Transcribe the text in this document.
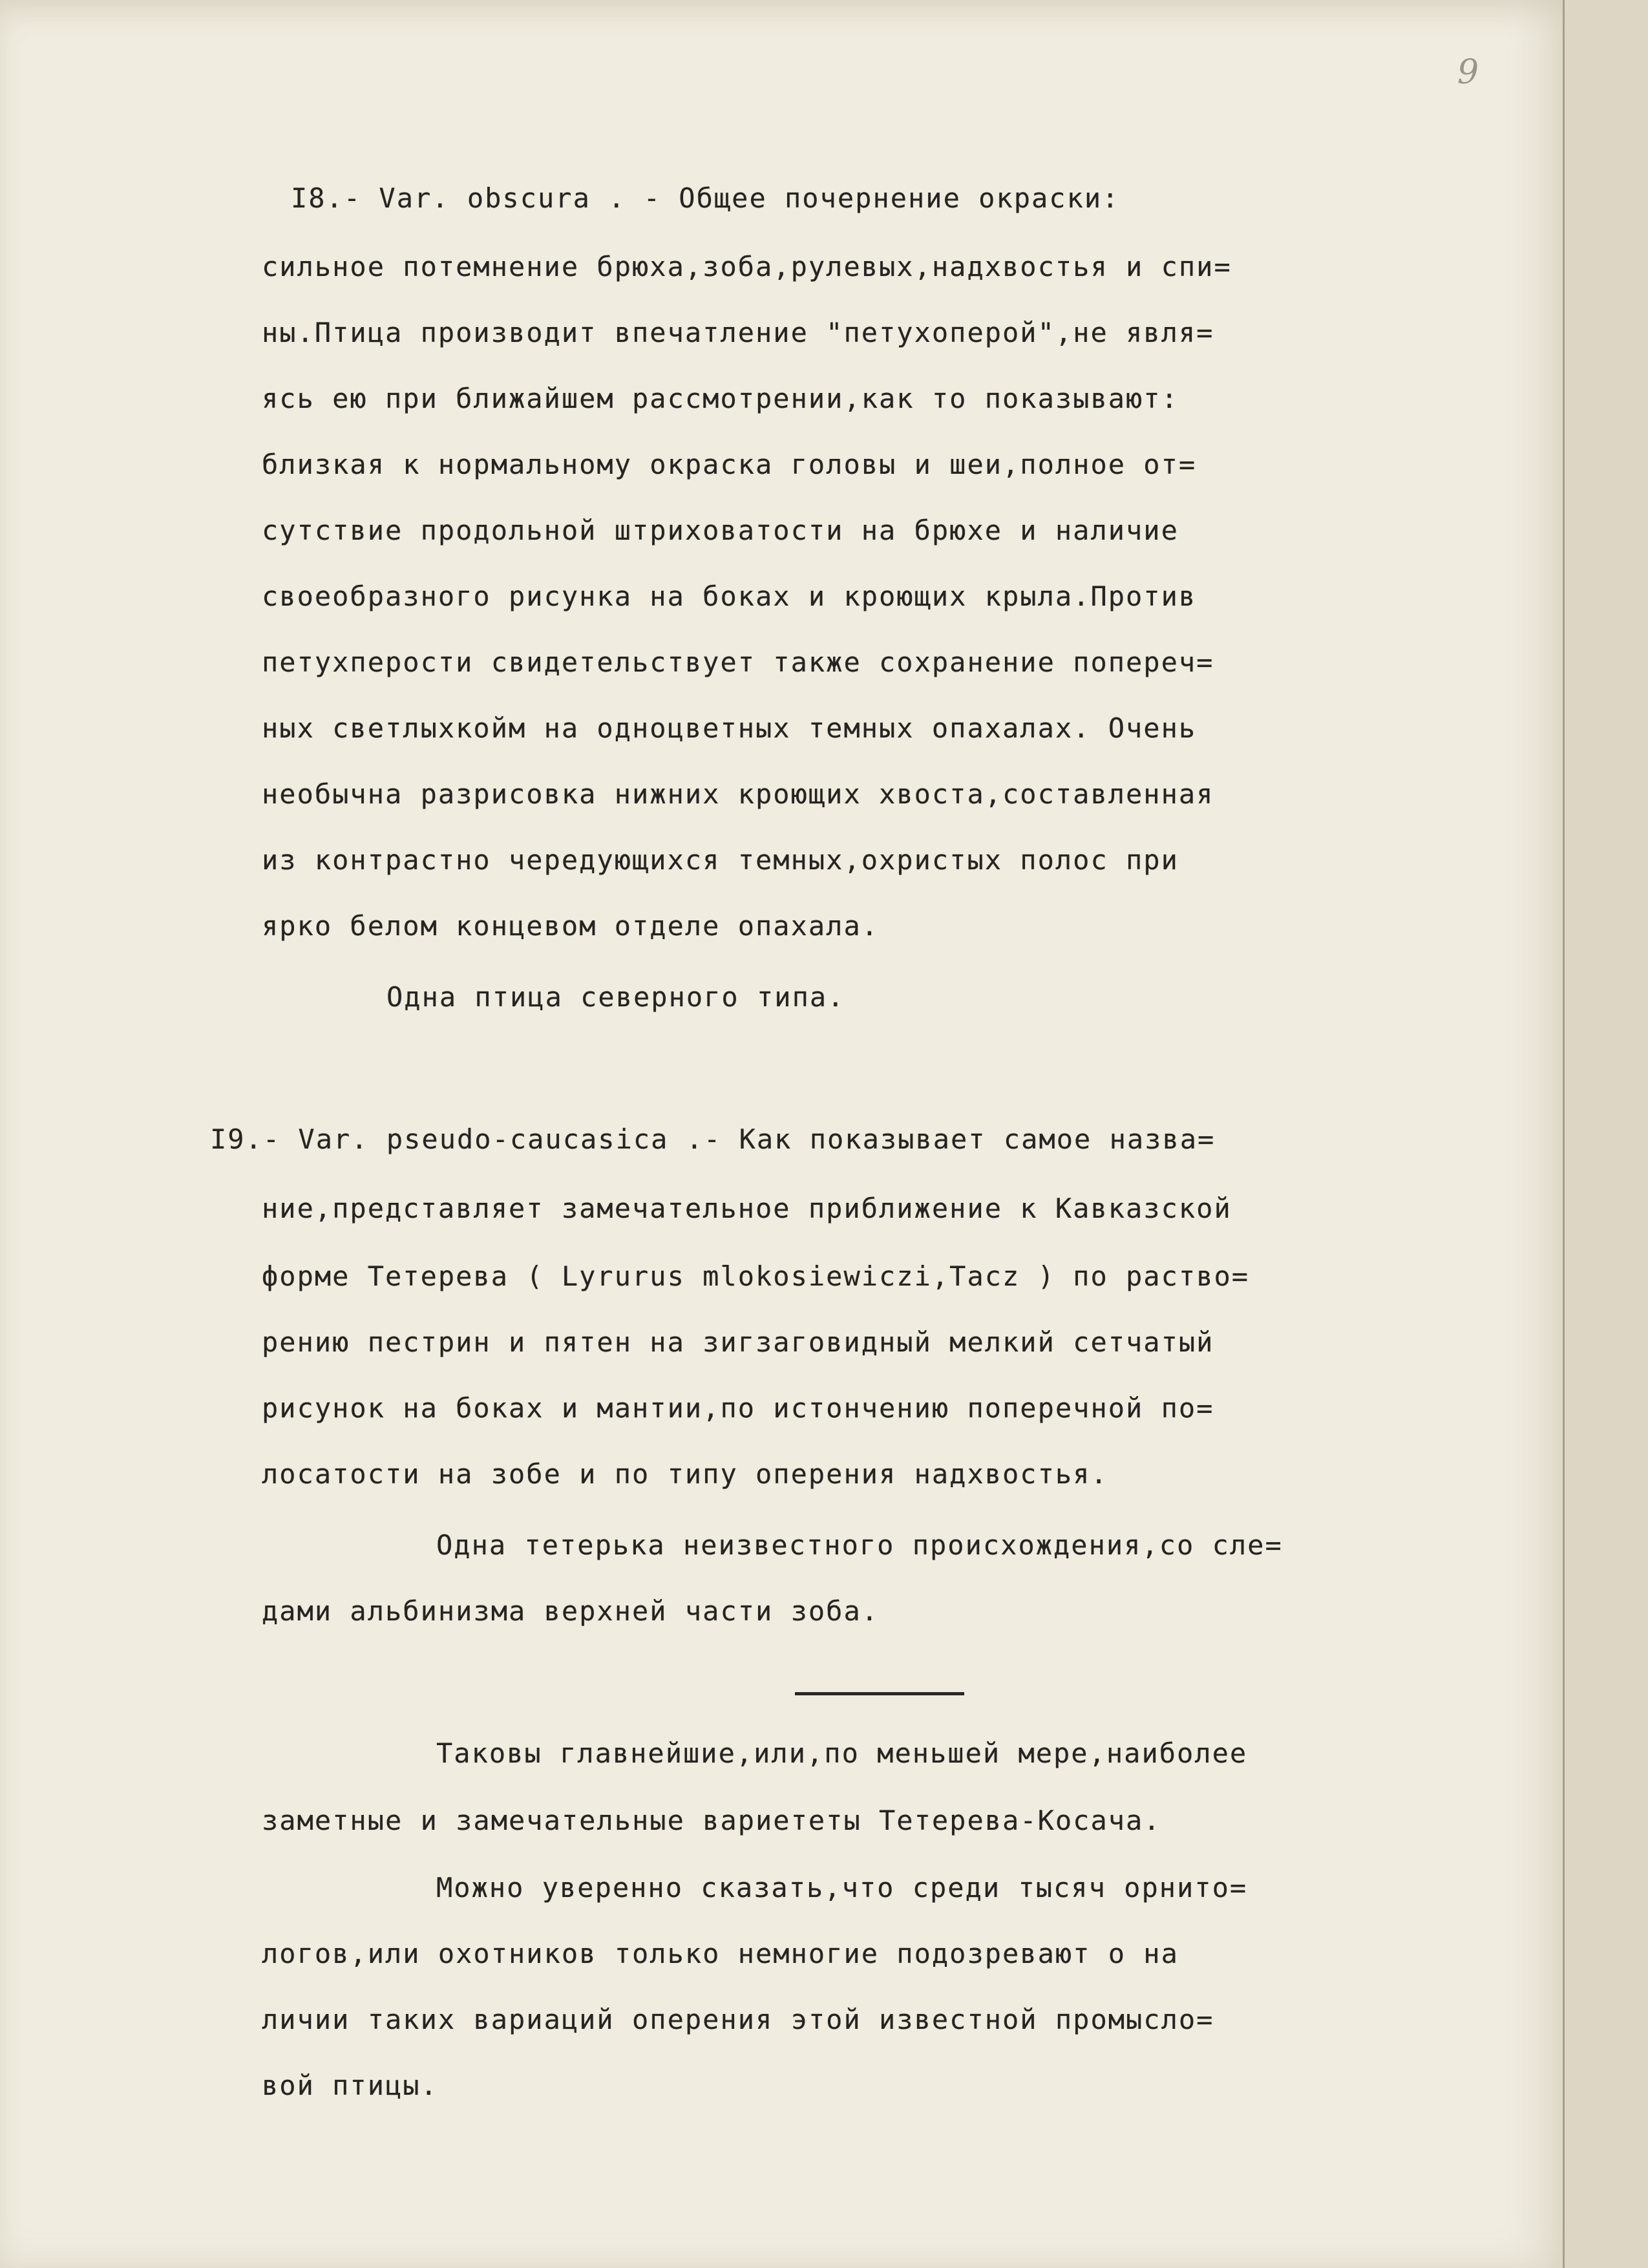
9
I8.- Var. obscura . - Общее почернение окраски:
сильное потемнение брюха,зоба,рулевых,надхвостья и спи=
ны.Птица производит впечатление "петухоперой",не явля=
ясь ею при ближайшем рассмотрении,как то показывают:
близкая к нормальному окраска головы и шеи,полное от=
сутствие продольной штриховатости на брюхе и наличие
своеобразного рисунка на боках и кроющих крыла.Против
петухперости свидетельствует также сохранение попереч=
ных светлыхкойм на одноцветных темных опахалах. Очень
необычна разрисовка нижних кроющих хвоста,составленная
из контрастно чередующихся темных,охристых полос при
ярко белом концевом отделе опахала.
Одна птица северного типа.
I9.- Var. pseudo-caucasica .- Как показывает самое назва=
ние,представляет замечательное приближение к Кавказской
форме Тетерева ( Lyrurus mlokosiewiczi,Tacz ) по раство=
рению пестрин и пятен на зигзаговидный мелкий сетчатый
рисунок на боках и мантии,по истончению поперечной по=
лосатости на зобе и по типу оперения надхвостья.
Одна тетерька неизвестного происхождения,со сле=
дами альбинизма верхней части зоба.
Таковы главнейшие,или,по меньшей мере,наиболее
заметные и замечательные вариететы Тетерева-Косача.
Можно уверенно сказать,что среди тысяч орнито=
логов,или охотников только немногие подозревают о на
личии таких вариаций оперения этой известной промысло=
вой птицы.
